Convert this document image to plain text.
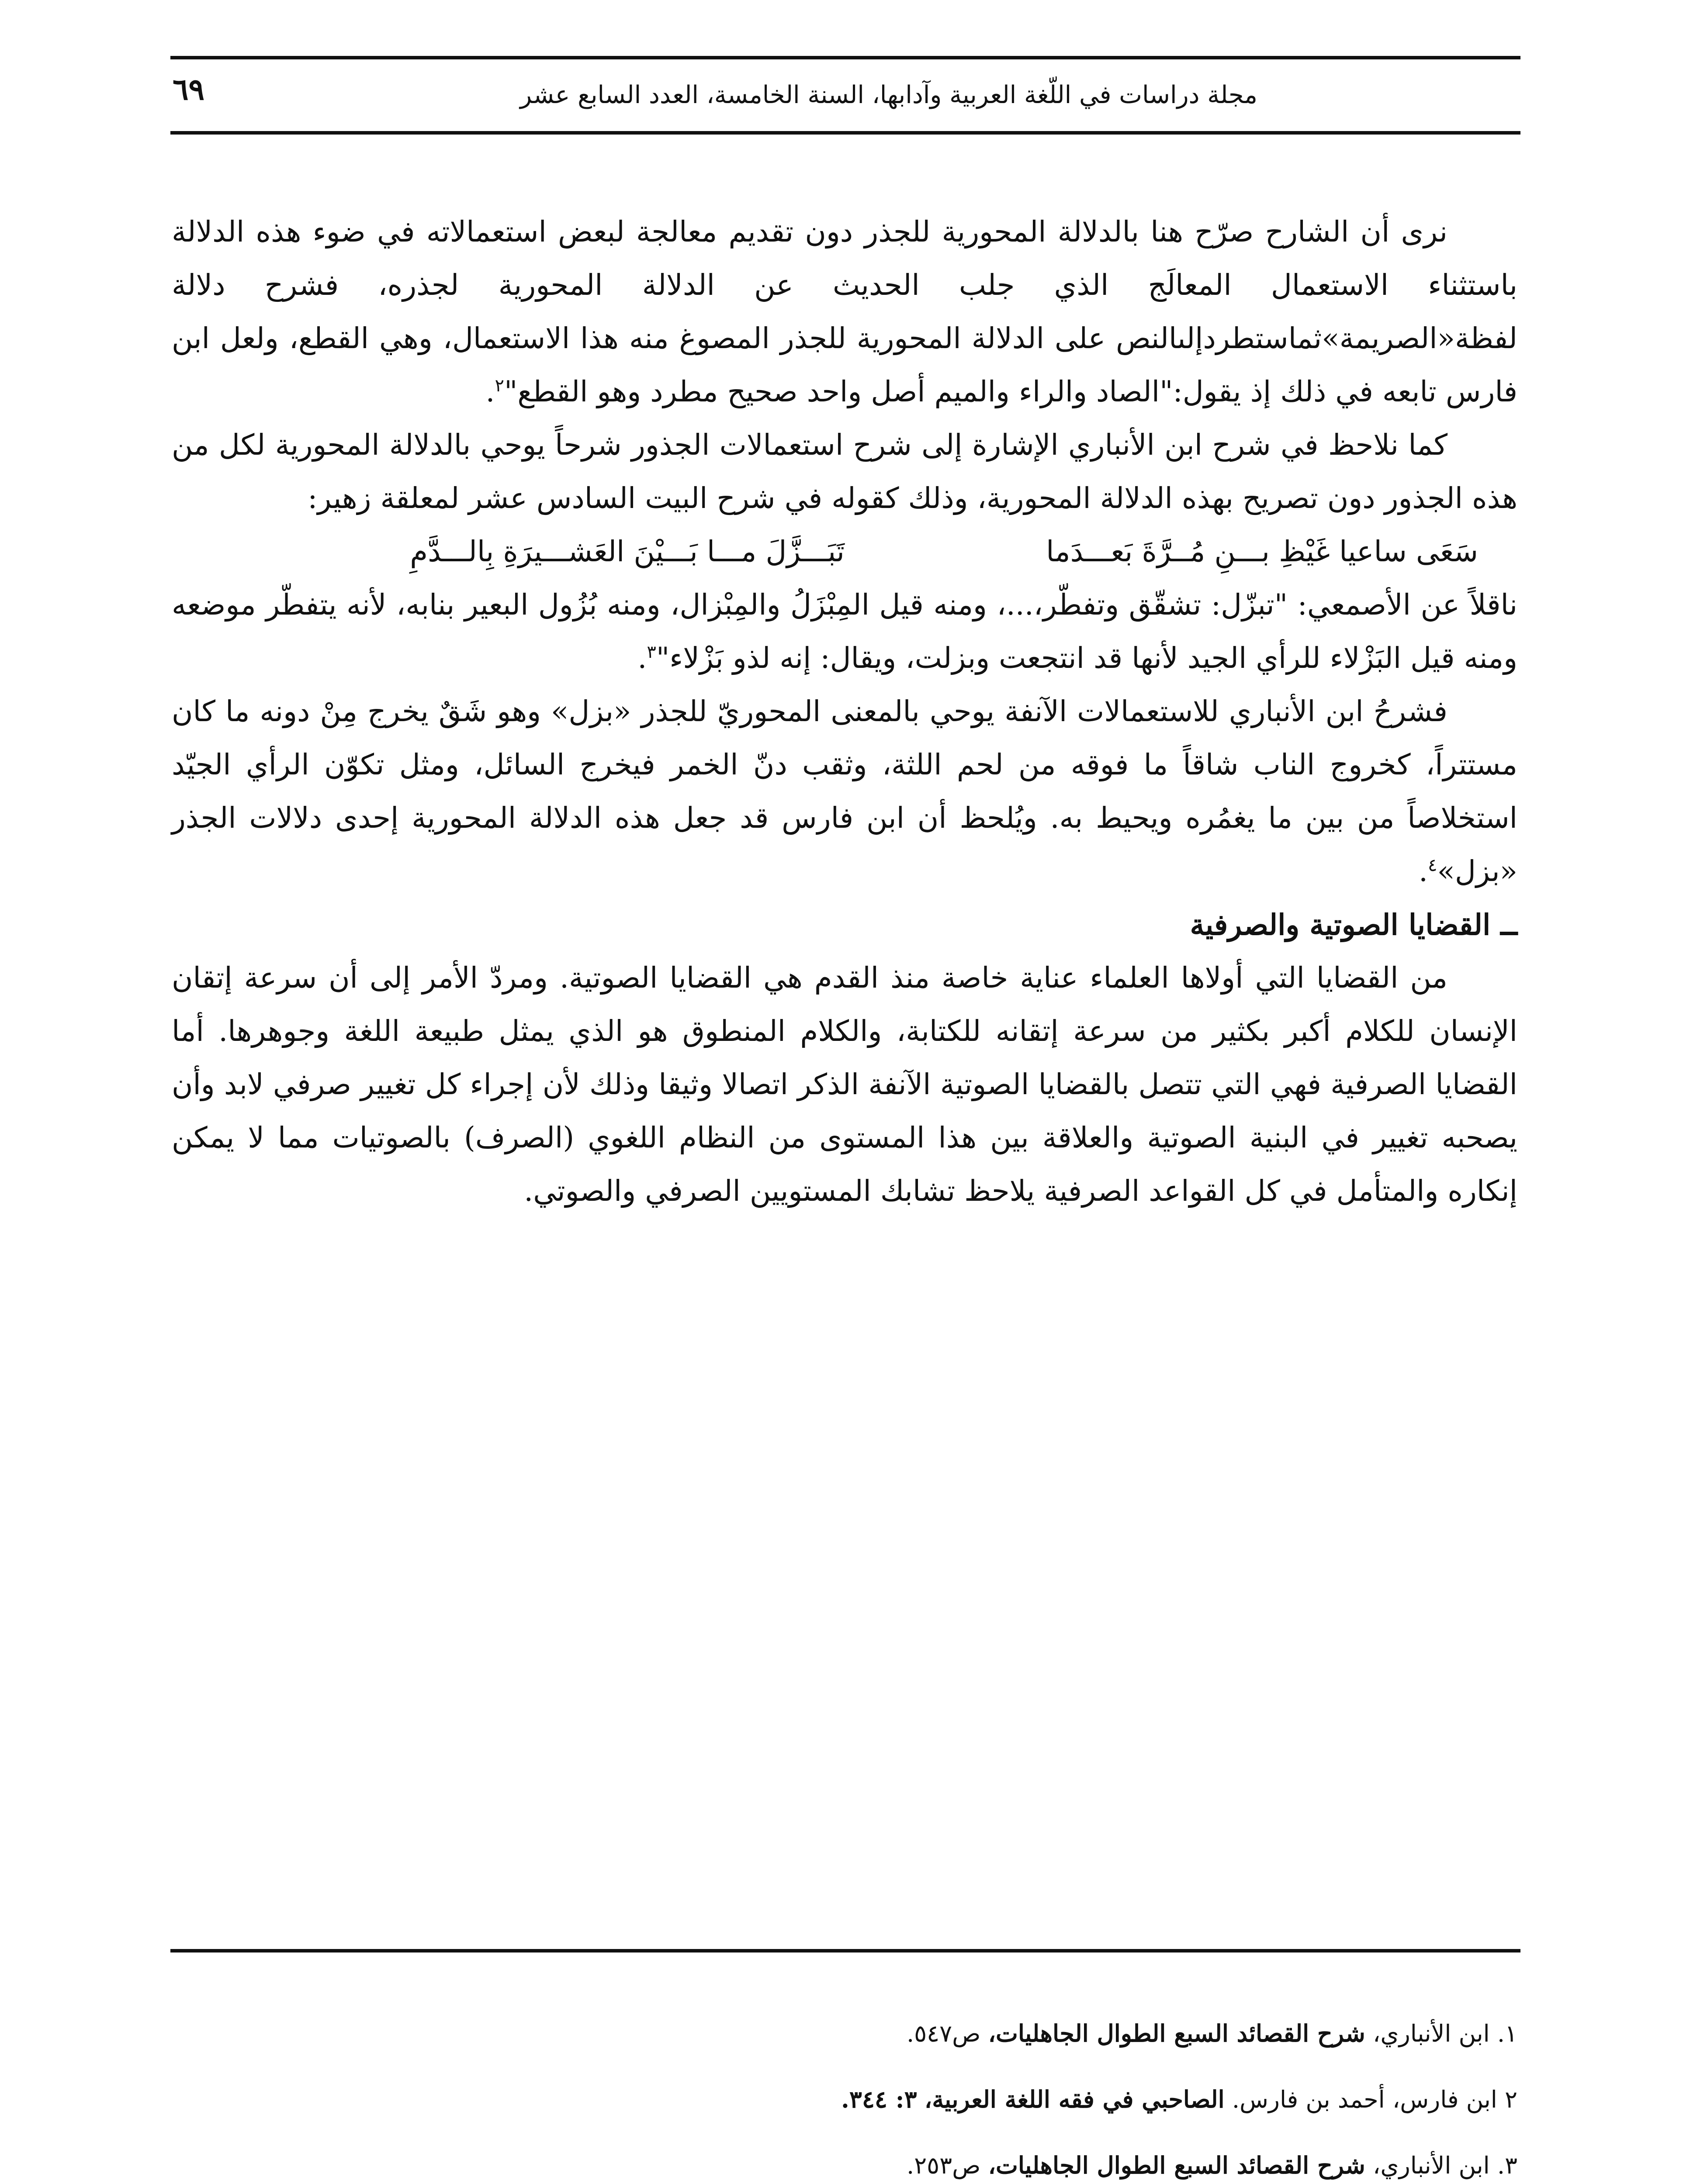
مجلة دراسات في اللّغة العربية وآدابها، السنة الخامسة، العدد السابع عشر
٦٩

نرى أن الشارح صرّح هنا بالدلالة المحورية للجذر دون تقديم معالجة لبعض استعمالاته في ضوء هذه الدلالة باستثناء الاستعمال المعالَج الذي جلب الحديث عن الدلالة المحورية لجذره، فشرح دلالة لفظة«الصريمة»ثماستطردإلىالنص على الدلالة المحورية للجذر المصوغ منه هذا الاستعمال، وهي القطع، ولعل ابن فارس تابعه في ذلك إذ يقول:"الصاد والراء والميم أصل واحد صحيح مطرد وهو القطع"$^٢$.

كما نلاحظ في شرح ابن الأنباري الإشارة إلى شرح استعمالات الجذور شرحاً يوحي بالدلالة المحورية لكل من هذه الجذور دون تصريح بهذه الدلالة المحورية، وذلك كقوله في شرح البيت السادس عشر لمعلقة زهير:

سَعَى ساعيا غَيْظِ بـــنِ مُــرَّةَ بَعـــدَما
تَبَـــزَّلَ مـــا بَـــيْنَ العَشـــيرَةِ بِالـــدَّمِ

ناقلاً عن الأصمعي: "تبزّل: تشقّق وتفطّر،...، ومنه قيل المِبْزَلُ والمِبْزال، ومنه بُزُول البعير بنابه، لأنه يتفطّر موضعه ومنه قيل البَزْلاء للرأي الجيد لأنها قد انتجعت وبزلت، ويقال: إنه لذو بَزْلاء"$^٣$.

فشرحُ ابن الأنباري للاستعمالات الآنفة يوحي بالمعنى المحوريّ للجذر «بزل» وهو شَقٌ يخرج مِنْ دونه ما كان مستتراً، كخروج الناب شاقاً ما فوقه من لحم اللثة، وثقب دنّ الخمر فيخرج السائل، ومثل تكوّن الرأي الجيّد استخلاصاً من بين ما يغمُره ويحيط به. ويُلحظ أن ابن فارس قد جعل هذه الدلالة المحورية إحدى دلالات الجذر «بزل»$^٤$.

ــ القضايا الصوتية والصرفية

من القضايا التي أولاها العلماء عناية خاصة منذ القدم هي القضايا الصوتية. ومردّ الأمر إلى أن سرعة إتقان الإنسان للكلام أكبر بكثير من سرعة إتقانه للكتابة، والكلام المنطوق هو الذي يمثل طبيعة اللغة وجوهرها. أما القضايا الصرفية فهي التي تتصل بالقضايا الصوتية الآنفة الذكر اتصالا وثيقا وذلك لأن إجراء كل تغيير صرفي لابد وأن يصحبه تغيير في البنية الصوتية والعلاقة بين هذا المستوى من النظام اللغوي (الصرف) بالصوتيات مما لا يمكن إنكاره والمتأمل في كل القواعد الصرفية يلاحظ تشابك المستويين الصرفي والصوتي.

١. ابن الأنباري، شرح القصائد السبع الطوال الجاهليات، ص٥٤٧.
٢ ابن فارس، أحمد بن فارس. الصاحبي في فقه اللغة العربية، ٣: ٣٤٤.
٣. ابن الأنباري، شرح القصائد السبع الطوال الجاهليات، ص٢٥٣.
